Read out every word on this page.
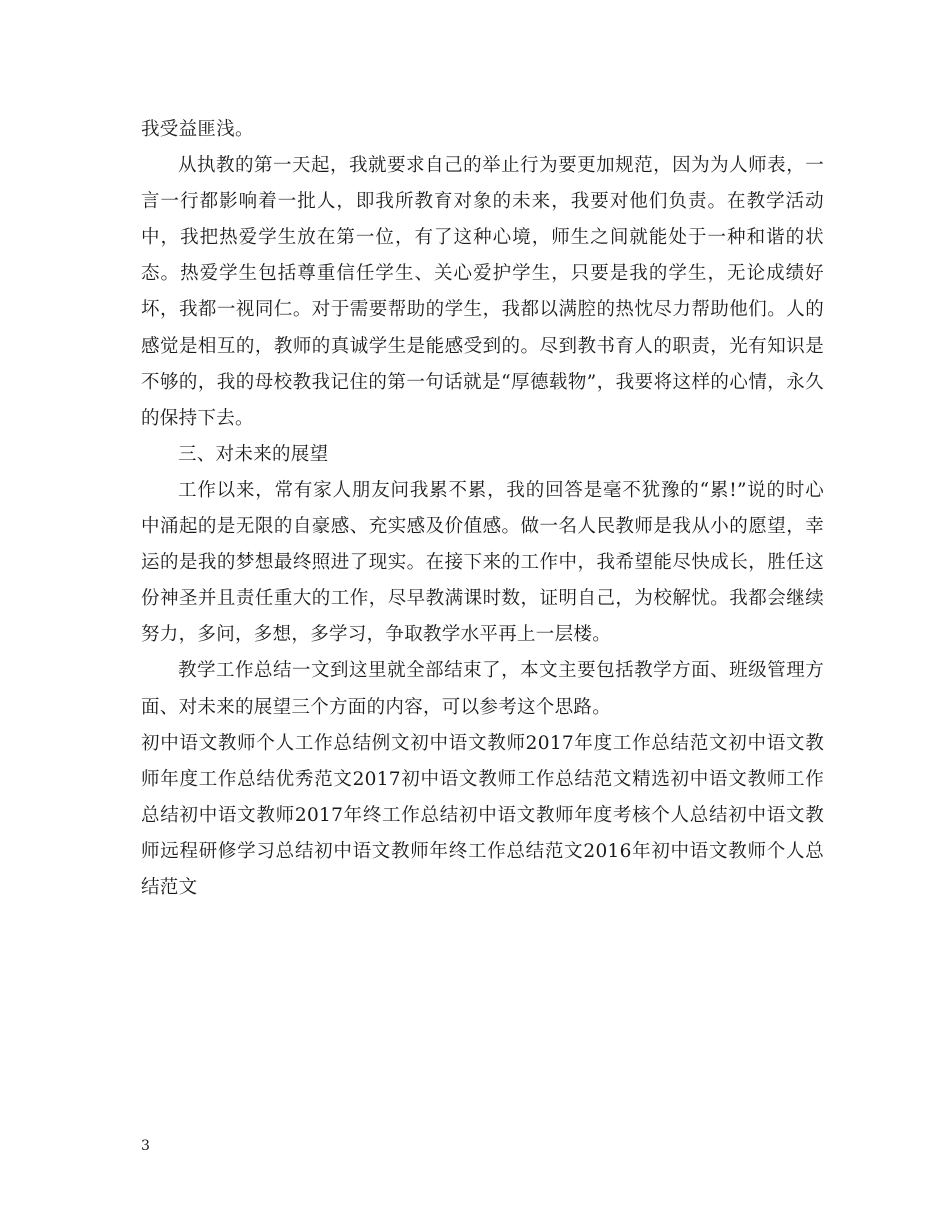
我受益匪浅。

从执教的第一天起，我就要求自己的举止行为要更加规范，因为为人师表，一言一行都影响着一批人，即我所教育对象的未来，我要对他们负责。在教学活动中，我把热爱学生放在第一位，有了这种心境，师生之间就能处于一种和谐的状态。热爱学生包括尊重信任学生、关心爱护学生，只要是我的学生，无论成绩好坏，我都一视同仁。对于需要帮助的学生，我都以满腔的热忱尽力帮助他们。人的感觉是相互的，教师的真诚学生是能感受到的。尽到教书育人的职责，光有知识是不够的，我的母校教我记住的第一句话就是“厚德载物”，我要将这样的心情，永久的保持下去。

三、对未来的展望

工作以来，常有家人朋友问我累不累，我的回答是毫不犹豫的“累!”说的时心中涌起的是无限的自豪感、充实感及价值感。做一名人民教师是我从小的愿望，幸运的是我的梦想最终照进了现实。在接下来的工作中，我希望能尽快成长，胜任这份神圣并且责任重大的工作，尽早教满课时数，证明自己，为校解忧。我都会继续努力，多问，多想，多学习，争取教学水平再上一层楼。

教学工作总结一文到这里就全部结束了，本文主要包括教学方面、班级管理方面、对未来的展望三个方面的内容，可以参考这个思路。

初中语文教师个人工作总结例文初中语文教师2017年度工作总结范文初中语文教师年度工作总结优秀范文2017初中语文教师工作总结范文精选初中语文教师工作总结初中语文教师2017年终工作总结初中语文教师年度考核个人总结初中语文教师远程研修学习总结初中语文教师年终工作总结范文2016年初中语文教师个人总结范文

3
